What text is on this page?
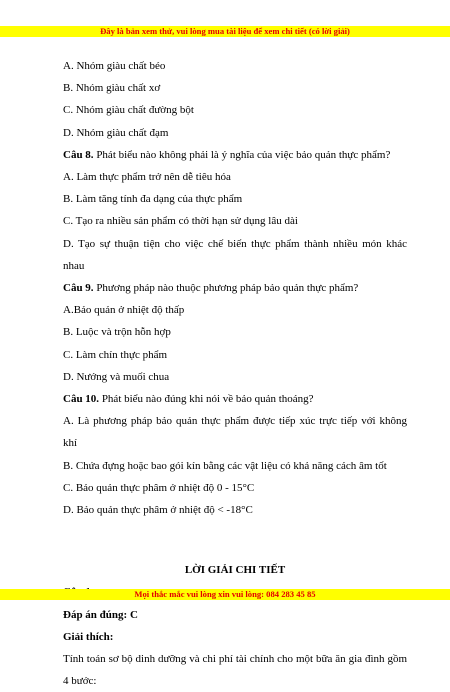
Đây là bản xem thử, vui lòng mua tài liệu để xem chi tiết (có lời giải)
A. Nhóm giàu chất béo
B. Nhóm giàu chất xơ
C. Nhóm giàu chất đường bột
D. Nhóm giàu chất đạm
Câu 8. Phát biểu nào không phải là ý nghĩa của việc bảo quản thực phẩm?
A. Làm thực phẩm trở nên dễ tiêu hóa
B. Làm tăng tính đa dạng của thực phẩm
C. Tạo ra nhiều sản phẩm có thời hạn sử dụng lâu dài
D. Tạo sự thuận tiện cho việc chế biến thực phẩm thành nhiều món khác
nhau
Câu 9. Phương pháp nào thuộc phương pháp bảo quản thực phẩm?
A.Bảo quản ở nhiệt độ thấp
B. Luộc và trộn hỗn hợp
C. Làm chín thực phẩm
D. Nướng và muối chua
Câu 10. Phát biểu nào đúng khi nói về bảo quản thoáng?
A. Là phương pháp bảo quản thực phẩm được tiếp xúc trực tiếp với không
khí
B. Chứa đựng hoặc bao gói kín bằng các vật liệu có khả năng cách âm tốt
C. Bảo quản thực phâm ở nhiệt độ 0 - 15°C
D. Bảo quản thực phâm ở nhiệt độ < -18°C
LỜI GIẢI CHI TIẾT
Đáp án đúng: C
Giải thích:
Tính toán sơ bộ dinh dưỡng và chi phí tài chính cho một bữa ăn gia đình gồm
4 bước:
Mọi thắc mắc vui lòng xin vui lòng: 084 283 45 85
